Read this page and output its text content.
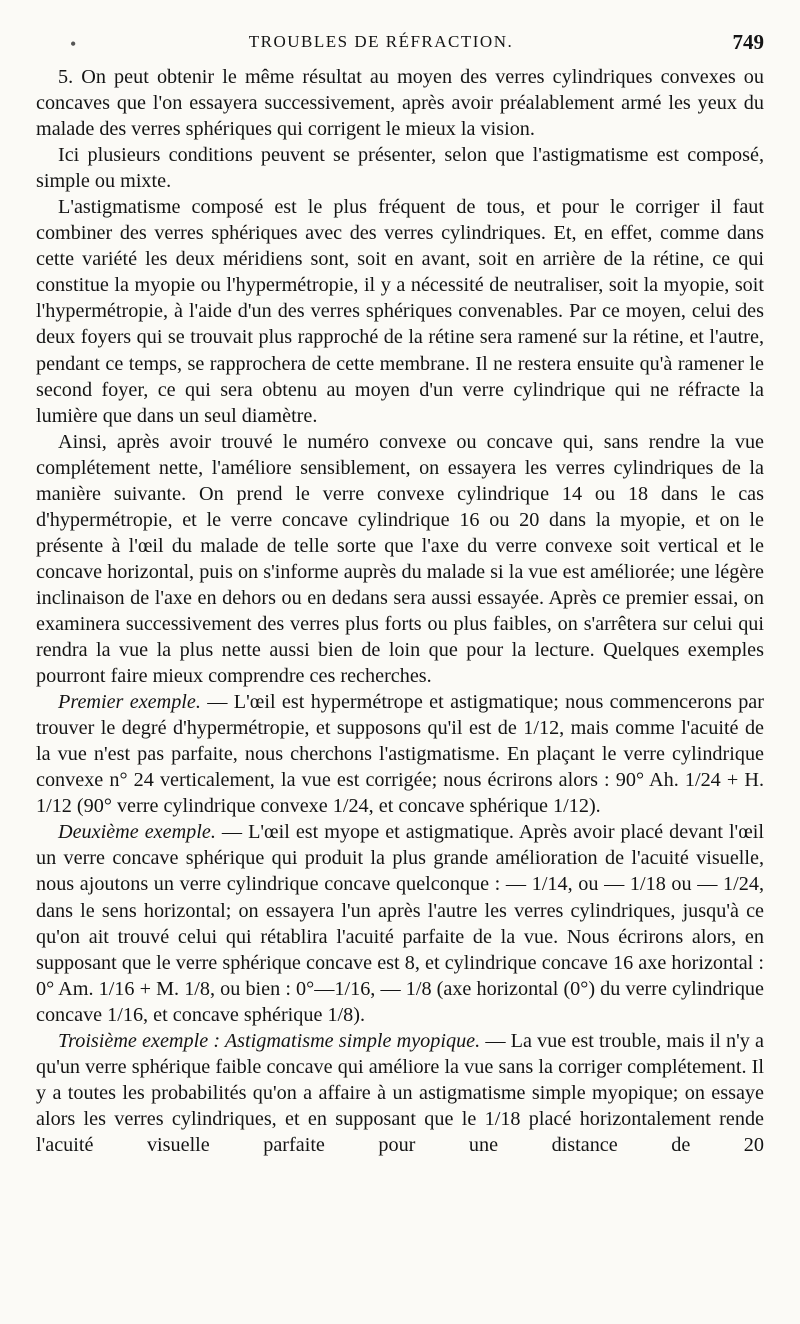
•	TROUBLES DE RÉFRACTION.	749

5. On peut obtenir le même résultat au moyen des verres cylindriques convexes ou concaves que l'on essayera successivement, après avoir préalablement armé les yeux du malade des verres sphériques qui corrigent le mieux la vision.

Ici plusieurs conditions peuvent se présenter, selon que l'astigmatisme est composé, simple ou mixte.

L'astigmatisme composé est le plus fréquent de tous, et pour le corriger il faut combiner des verres sphériques avec des verres cylindriques. Et, en effet, comme dans cette variété les deux méridiens sont, soit en avant, soit en arrière de la rétine, ce qui constitue la myopie ou l'hypermétropie, il y a nécessité de neutraliser, soit la myopie, soit l'hypermétropie, à l'aide d'un des verres sphériques convenables. Par ce moyen, celui des deux foyers qui se trouvait plus rapproché de la rétine sera ramené sur la rétine, et l'autre, pendant ce temps, se rapprochera de cette membrane. Il ne restera ensuite qu'à ramener le second foyer, ce qui sera obtenu au moyen d'un verre cylindrique qui ne réfracte la lumière que dans un seul diamètre.

Ainsi, après avoir trouvé le numéro convexe ou concave qui, sans rendre la vue complétement nette, l'améliore sensiblement, on essayera les verres cylindriques de la manière suivante. On prend le verre convexe cylindrique 14 ou 18 dans le cas d'hypermétropie, et le verre concave cylindrique 16 ou 20 dans la myopie, et on le présente à l'œil du malade de telle sorte que l'axe du verre convexe soit vertical et le concave horizontal, puis on s'informe auprès du malade si la vue est améliorée; une légère inclinaison de l'axe en dehors ou en dedans sera aussi essayée. Après ce premier essai, on examinera successivement des verres plus forts ou plus faibles, on s'arrêtera sur celui qui rendra la vue la plus nette aussi bien de loin que pour la lecture. Quelques exemples pourront faire mieux comprendre ces recherches.

Premier exemple. — L'œil est hypermétrope et astigmatique; nous commencerons par trouver le degré d'hypermétropie, et supposons qu'il est de 1/12, mais comme l'acuité de la vue n'est pas parfaite, nous cherchons l'astigmatisme. En plaçant le verre cylindrique convexe n° 24 verticalement, la vue est corrigée; nous écrirons alors : 90° Ah. 1/24 + H. 1/12 (90° verre cylindrique convexe 1/24, et concave sphérique 1/12).

Deuxième exemple. — L'œil est myope et astigmatique. Après avoir placé devant l'œil un verre concave sphérique qui produit la plus grande amélioration de l'acuité visuelle, nous ajoutons un verre cylindrique concave quelconque : — 1/14, ou — 1/18 ou — 1/24, dans le sens horizontal; on essayera l'un après l'autre les verres cylindriques, jusqu'à ce qu'on ait trouvé celui qui rétablira l'acuité parfaite de la vue. Nous écrirons alors, en supposant que le verre sphérique concave est 8, et cylindrique concave 16 axe horizontal : 0° Am. 1/16 + M. 1/8, ou bien : 0°—1/16, — 1/8 (axe horizontal (0°) du verre cylindrique concave 1/16, et concave sphérique 1/8).

Troisième exemple : Astigmatisme simple myopique. — La vue est trouble, mais il n'y a qu'un verre sphérique faible concave qui améliore la vue sans la corriger complétement. Il y a toutes les probabilités qu'on a affaire à un astigmatisme simple myopique; on essaye alors les verres cylindriques, et en supposant que le 1/18 placé horizontalement rende l'acuité visuelle parfaite pour une distance de 20
